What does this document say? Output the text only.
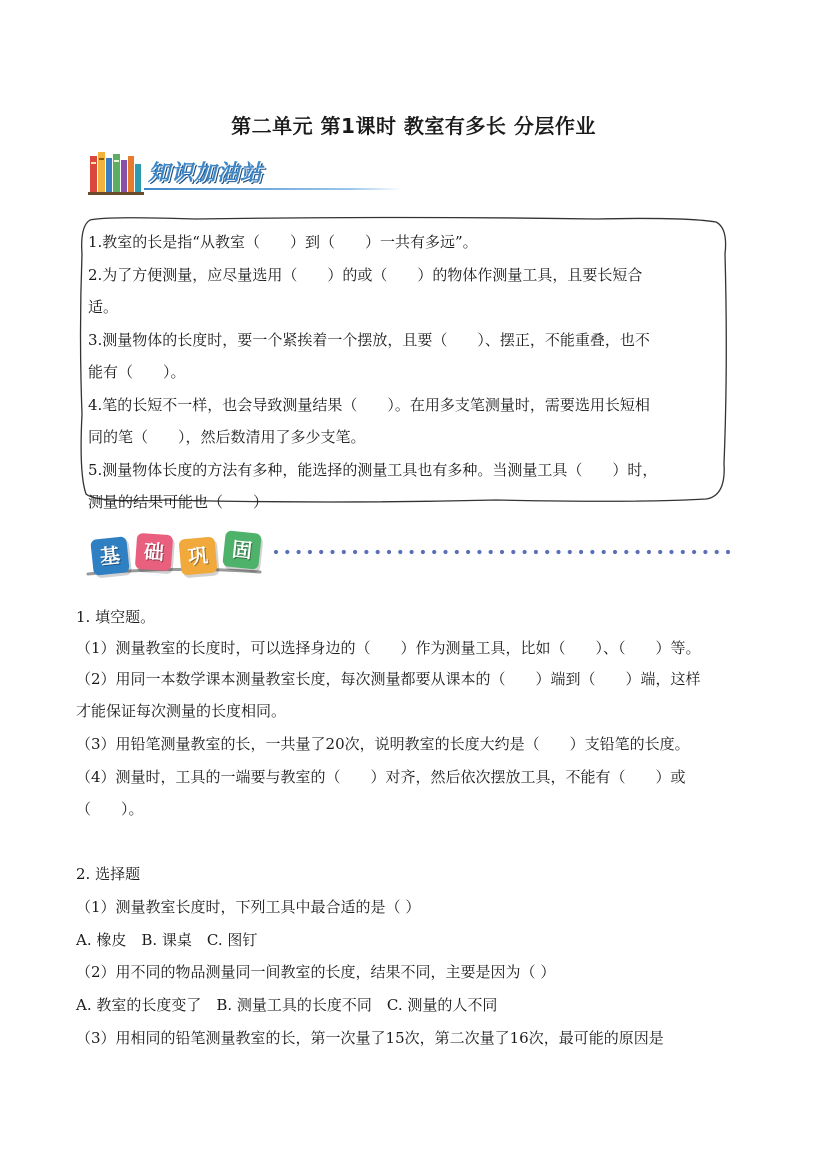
第二单元 第1课时 教室有多长 分层作业
知识加油站

1.教室的长是指“从教室（　　）到（　　）一共有多远”。

2.为了方便测量，应尽量选用（　　）的或（　　）的物体作测量工具，且要长短合

适。

3.测量物体的长度时，要一个紧挨着一个摆放，且要（　　）、摆正，不能重叠，也不

能有（　　）。

4.笔的长短不一样，也会导致测量结果（　　）。在用多支笔测量时，需要选用长短相

同的笔（　　），然后数清用了多少支笔。

5.测量物体长度的方法有多种，能选择的测量工具也有多种。当测量工具（　　）时，

测量的结果可能也（　　）

基	础	巩	固

1. 填空题。

（1）测量教室的长度时，可以选择身边的（　　）作为测量工具，比如（　　）、（　　）等。

（2）用同一本数学课本测量教室长度，每次测量都要从课本的（　　）端到（　　）端，这样

才能保证每次测量的长度相同。

（3）用铅笔测量教室的长，一共量了20次，说明教室的长度大约是（　　）支铅笔的长度。

（4）测量时，工具的一端要与教室的（　　）对齐，然后依次摆放工具，不能有（　　）或

（　　）。

2. 选择题

（1）测量教室长度时，下列工具中最合适的是（ ）

A. 橡皮　B. 课桌　C. 图钉

（2）用不同的物品测量同一间教室的长度，结果不同，主要是因为（ ）

A. 教室的长度变了　B. 测量工具的长度不同　C. 测量的人不同

（3）用相同的铅笔测量教室的长，第一次量了15次，第二次量了16次，最可能的原因是
